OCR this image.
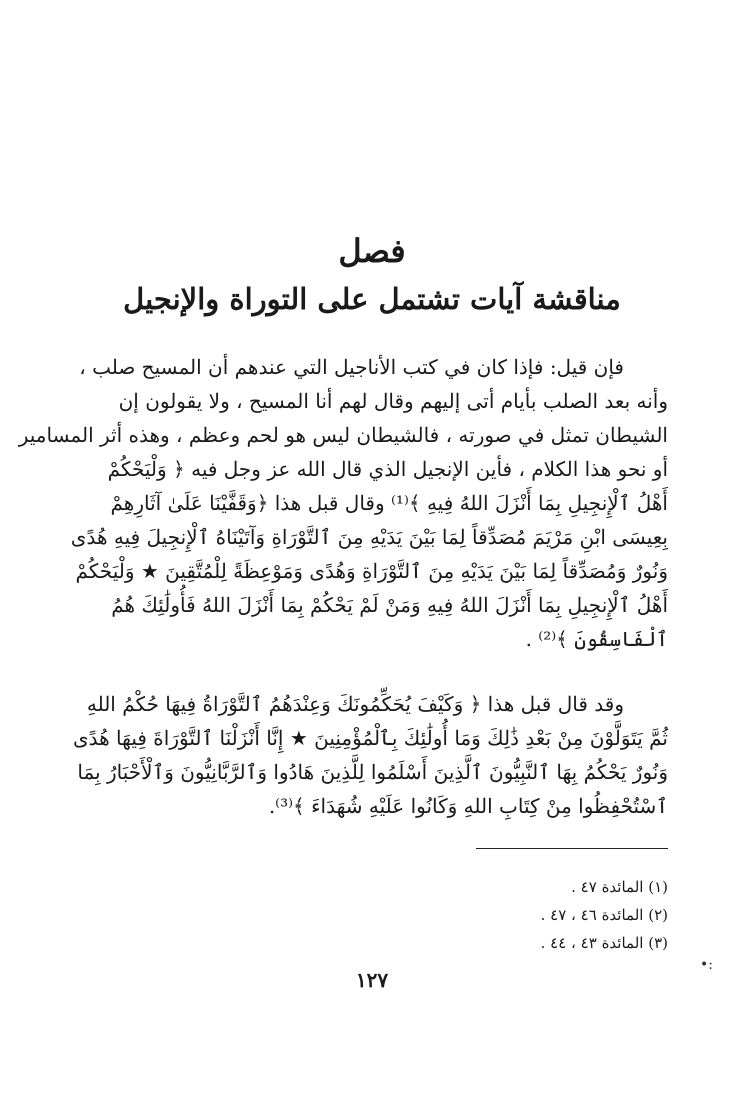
فصل
مناقشة آيات تشتمل على التوراة والإنجيل
فإن قيل: فإذا كان في كتب الأناجيل التي عندهم أن المسيح صلب ،
وأنه بعد الصلب بأيام أتى إليهم وقال لهم أنا المسيح ، ولا يقولون إن
الشيطان تمثل في صورته ، فالشيطان ليس هو لحم وعظم ، وهذه أثر المسامير
أو نحو هذا الكلام ، فأين الإنجيل الذي قال الله عز وجل فيه ﴿ وَلْيَحْكُمْ
أَهْلُ ٱلْإِنجِيلِ بِمَا أَنْزَلَ اللهُ فِيهِ ﴾⁽¹⁾ وقال قبل هذا ﴿وَقَفَّيْنَا عَلَىٰ آثَارِهِمْ
بِعِيسَى ابْنِ مَرْيَمَ مُصَدِّقاً لِمَا بَيْنَ يَدَيْهِ مِنَ ٱلتَّوْرَاةِ وَآتَيْنَاهُ ٱلْإِنجِيلَ فِيهِ هُدًى
وَنُورٌ وَمُصَدِّقاً لِمَا بَيْنَ يَدَيْهِ مِنَ ٱلتَّوْرَاةِ وَهُدًى وَمَوْعِظَةً لِلْمُتَّقِينَ ★ وَلْيَحْكُمْ
أَهْلُ ٱلْإِنجِيلِ بِمَا أَنْزَلَ اللهُ فِيهِ وَمَنْ لَمْ يَحْكُمْ بِمَا أَنْزَلَ اللهُ فَأُولَٰئِكَ هُمُ
ٱلْفَاسِقُونَ ﴾⁽²⁾ .
وقد قال قبل هذا ﴿ وَكَيْفَ يُحَكِّمُونَكَ وَعِنْدَهُمُ ٱلتَّوْرَاةُ فِيهَا حُكْمُ اللهِ
ثُمَّ يَتَوَلَّوْنَ مِنْ بَعْدِ ذَٰلِكَ وَمَا أُولَٰئِكَ بِٱلْمُؤْمِنِينَ ★ إِنَّا أَنْزَلْنَا ٱلتَّوْرَاةَ فِيهَا هُدًى
وَنُورٌ يَحْكُمُ بِهَا ٱلنَّبِيُّونَ ٱلَّذِينَ أَسْلَمُوا لِلَّذِينَ هَادُوا وَٱلرَّبَّانِيُّونَ وَٱلْأَحْبَارُ بِمَا
ٱسْتُحْفِظُوا مِنْ كِتَابِ اللهِ وَكَانُوا عَلَيْهِ شُهَدَاءَ ﴾⁽³⁾.
(١) المائدة ٤٧ .
(٢) المائدة ٤٦ ، ٤٧ .
(٣) المائدة ٤٣ ، ٤٤ .
•:
١٢٧
